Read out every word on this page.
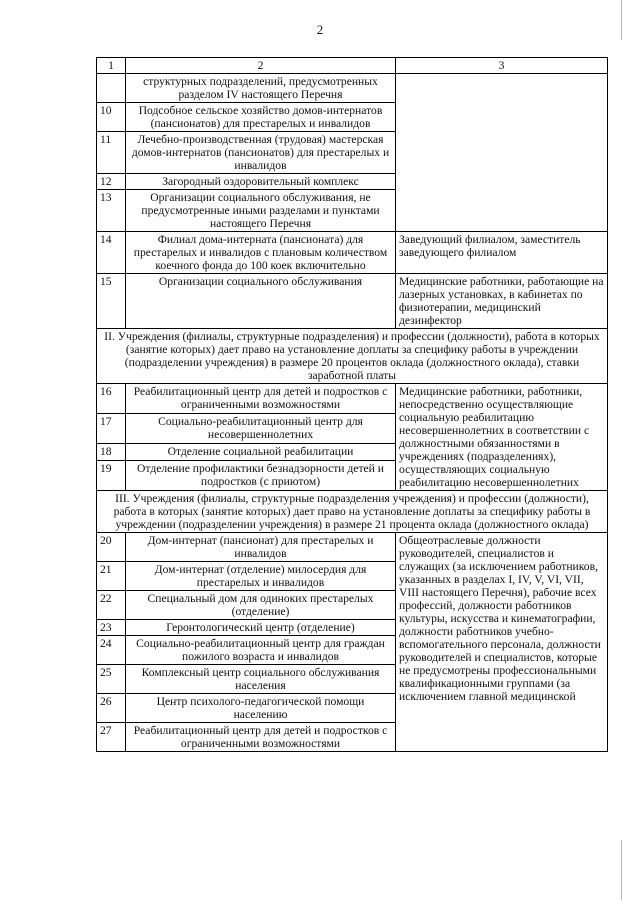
2
1	2	3
	структурных подразделений, предусмотренных разделом IV настоящего Перечня	
10	Подсобное сельское хозяйство домов-интернатов (пансионатов) для престарелых и инвалидов	
11	Лечебно-производственная (трудовая) мастерская домов-интернатов (пансионатов) для престарелых и инвалидов	
12	Загородный оздоровительный комплекс	
13	Организации социального обслуживания, не предусмотренные иными разделами и пунктами настоящего Перечня	
14	Филиал дома-интерната (пансионата) для престарелых и инвалидов с плановым количеством коечного фонда до 100 коек включительно	Заведующий филиалом, заместитель заведующего филиалом
15	Организации социального обслуживания	Медицинские работники, работающие на лазерных установках, в кабинетах по физиотерапии, медицинский дезинфектор
II. Учреждения (филиалы, структурные подразделения) и профессии (должности), работа в которых (занятие которых) дает право на установление доплаты за специфику работы в учреждении (подразделении учреждения) в размере 20 процентов оклада (должностного оклада), ставки заработной платы		
16	Реабилитационный центр для детей и подростков с ограниченными возможностями	Медицинские работники, работники, непосредственно осуществляющие социальную реабилитацию несовершеннолетних в соответствии с должностными обязанностями в учреждениях (подразделениях), осуществляющих социальную реабилитацию несовершеннолетних
17	Социально-реабилитационный центр для несовершеннолетних	
18	Отделение социальной реабилитации	
19	Отделение профилактики безнадзорности детей и подростков (с приютом)	
III. Учреждения (филиалы, структурные подразделения учреждения) и профессии (должности), работа в которых (занятие которых) дает право на установление доплаты за специфику работы в учреждении (подразделении учреждения) в размере 21 процента оклада (должностного оклада)		
20	Дом-интернат (пансионат) для престарелых и инвалидов	Общеотраслевые должности руководителей, специалистов и служащих (за исключением работников, указанных в разделах I, IV, V, VI, VII, VIII настоящего Перечня), рабочие всех профессий, должности работников культуры, искусства и кинематографии, должности работников учебно-вспомогательного персонала, должности руководителей и специалистов, которые не предусмотрены профессиональными квалификационными группами (за исключением главной медицинской
21	Дом-интернат (отделение) милосердия для престарелых и инвалидов	
22	Специальный дом для одиноких престарелых (отделение)	
23	Геронтологический центр (отделение)	
24	Социально-реабилитационный центр для граждан пожилого возраста и инвалидов	
25	Комплексный центр социального обслуживания населения	
26	Центр психолого-педагогической помощи населению	
27	Реабилитационный центр для детей и подростков с ограниченными возможностями	
